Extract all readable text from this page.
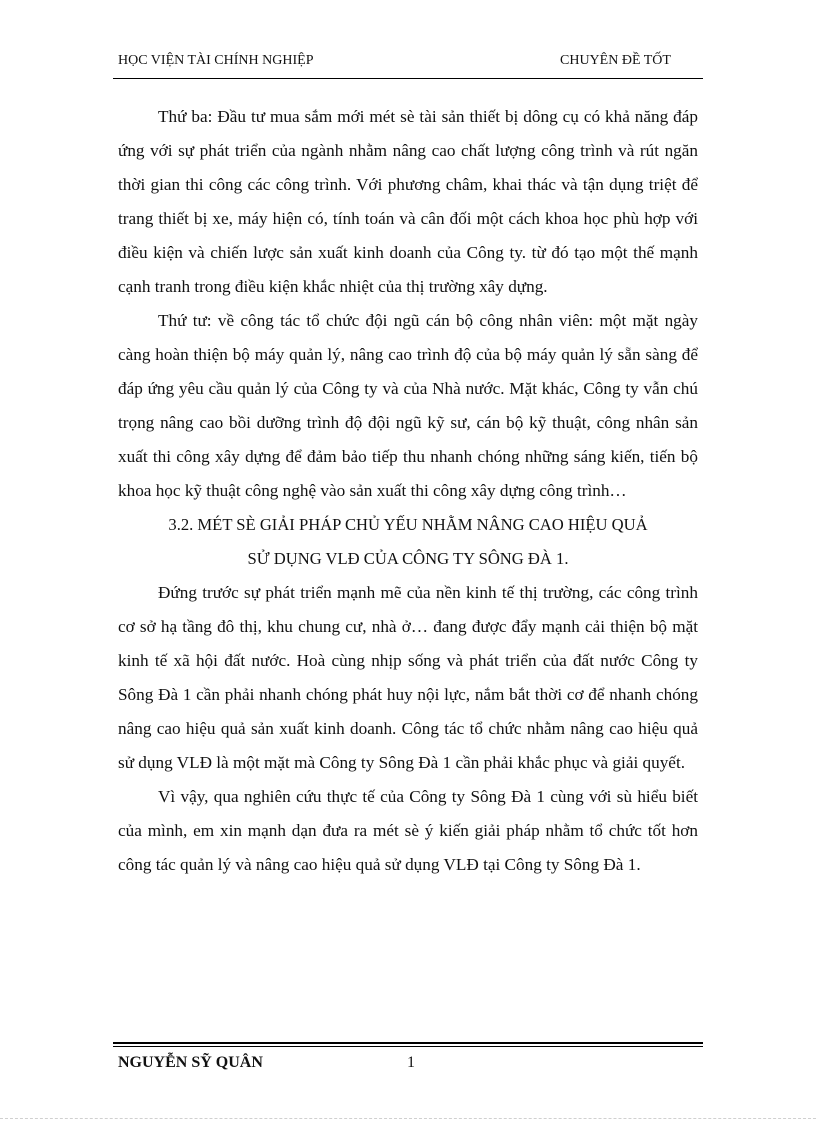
HỌC VIỆN TÀI CHÍNH NGHIỆP	CHUYÊN ĐỀ TỐT

Thứ ba: Đầu tư mua sắm mới mét sè tài sản thiết bị dông cụ có khả năng đáp ứng với sự phát triển của ngành nhằm nâng cao chất lượng công trình và rút ngăn thời gian thi công các công trình. Với phương châm, khai thác và tận dụng triệt để trang thiết bị xe, máy hiện có, tính toán và cân đối một cách khoa học phù hợp với điều kiện và chiến lược sản xuất kinh doanh của Công ty. từ đó tạo một thế mạnh cạnh tranh trong điều kiện khắc nhiệt của thị trường xây dựng.

Thứ tư: về công tác tổ chức đội ngũ cán bộ công nhân viên: một mặt ngày càng hoàn thiện bộ máy quản lý, nâng cao trình độ của bộ máy quản lý sẵn sàng để đáp ứng yêu cầu quản lý của Công ty và của Nhà nước. Mặt khác, Công ty vẫn chú trọng nâng cao bồi dưỡng trình độ đội ngũ kỹ sư, cán bộ kỹ thuật, công nhân sản xuất thi công xây dựng để đảm bảo tiếp thu nhanh chóng những sáng kiến, tiến bộ khoa học kỹ thuật công nghệ vào sản xuất thi công xây dựng công trình…

3.2. MÉT SÈ GIẢI PHÁP CHỦ YẾU NHẰM NÂNG CAO HIỆU QUẢ

SỬ DỤNG VLĐ CỦA CÔNG TY SÔNG ĐÀ 1.

Đứng trước sự phát triển mạnh mẽ của nền kinh tế thị trường, các công trình cơ sở hạ tầng đô thị, khu chung cư, nhà ở… đang được đẩy mạnh cải thiện bộ mặt kinh tế xã hội đất nước. Hoà cùng nhịp sống và phát triển của đất nước Công ty Sông Đà 1 cần phải nhanh chóng phát huy nội lực, nắm bắt thời cơ để nhanh chóng nâng cao hiệu quả sản xuất kinh doanh. Công tác tổ chức nhằm nâng cao hiệu quả sử dụng VLĐ là một mặt mà Công ty Sông Đà 1 cần phải khắc phục và giải quyết.

Vì vậy, qua nghiên cứu thực tế của Công ty Sông Đà 1 cùng với sù hiểu biết của mình, em xin mạnh dạn đưa ra mét sè ý kiến giải pháp nhằm tổ chức tốt hơn công tác quản lý và nâng cao hiệu quả sử dụng VLĐ tại Công ty Sông Đà 1.

NGUYỄN SỸ QUÂN	1
